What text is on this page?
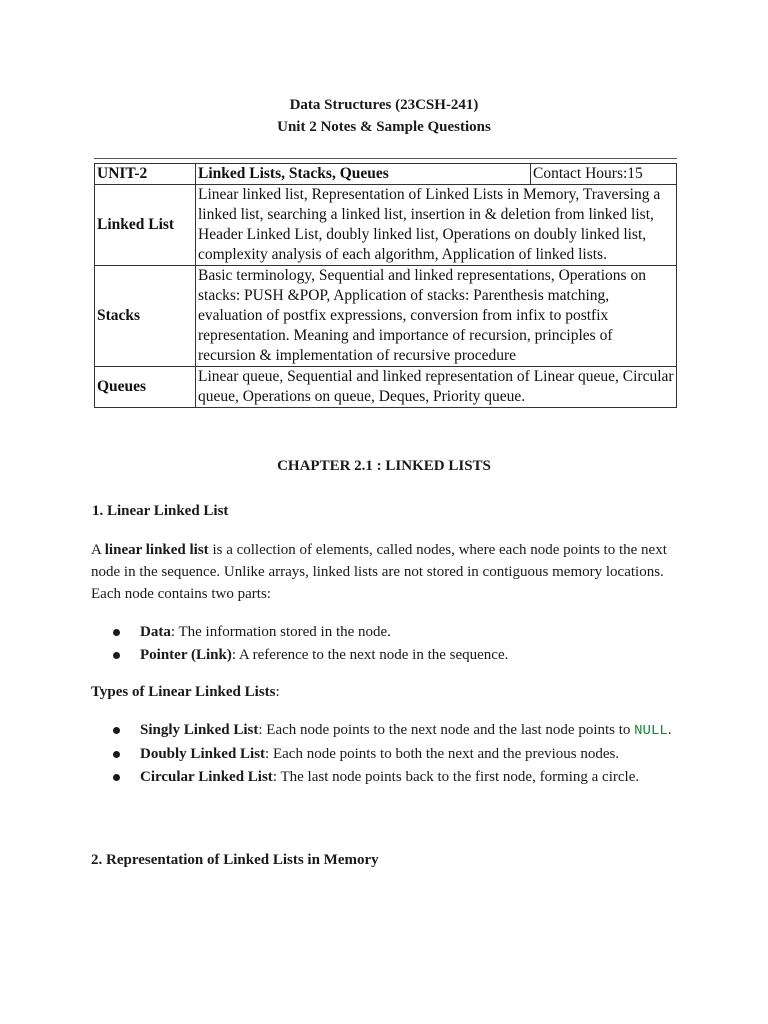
Data Structures (23CSH-241)
Unit 2 Notes & Sample Questions
UNIT-2	Linked Lists, Stacks, Queues	Contact Hours:15
Linked List	Linear linked list, Representation of Linked Lists in Memory, Traversing a linked list, searching a linked list, insertion in & deletion from linked list, Header Linked List, doubly linked list, Operations on doubly linked list, complexity analysis of each algorithm, Application of linked lists.	
Stacks	Basic terminology, Sequential and linked representations, Operations on stacks: PUSH &POP, Application of stacks: Parenthesis matching, evaluation of postfix expressions, conversion from infix to postfix representation. Meaning and importance of recursion, principles of recursion & implementation of recursive procedure	
Queues	Linear queue, Sequential and linked representation of Linear queue, Circular queue, Operations on queue, Deques, Priority queue.	
CHAPTER 2.1 : LINKED LISTS
1. Linear Linked List

A linear linked list is a collection of elements, called nodes, where each node points to the next node in the sequence. Unlike arrays, linked lists are not stored in contiguous memory locations. Each node contains two parts:

Data: The information stored in the node.
Pointer (Link): A reference to the next node in the sequence.

Types of Linear Linked Lists:

Singly Linked List: Each node points to the next node and the last node points to NULL.
Doubly Linked List: Each node points to both the next and the previous nodes.
Circular Linked List: The last node points back to the first node, forming a circle.
2. Representation of Linked Lists in Memory
